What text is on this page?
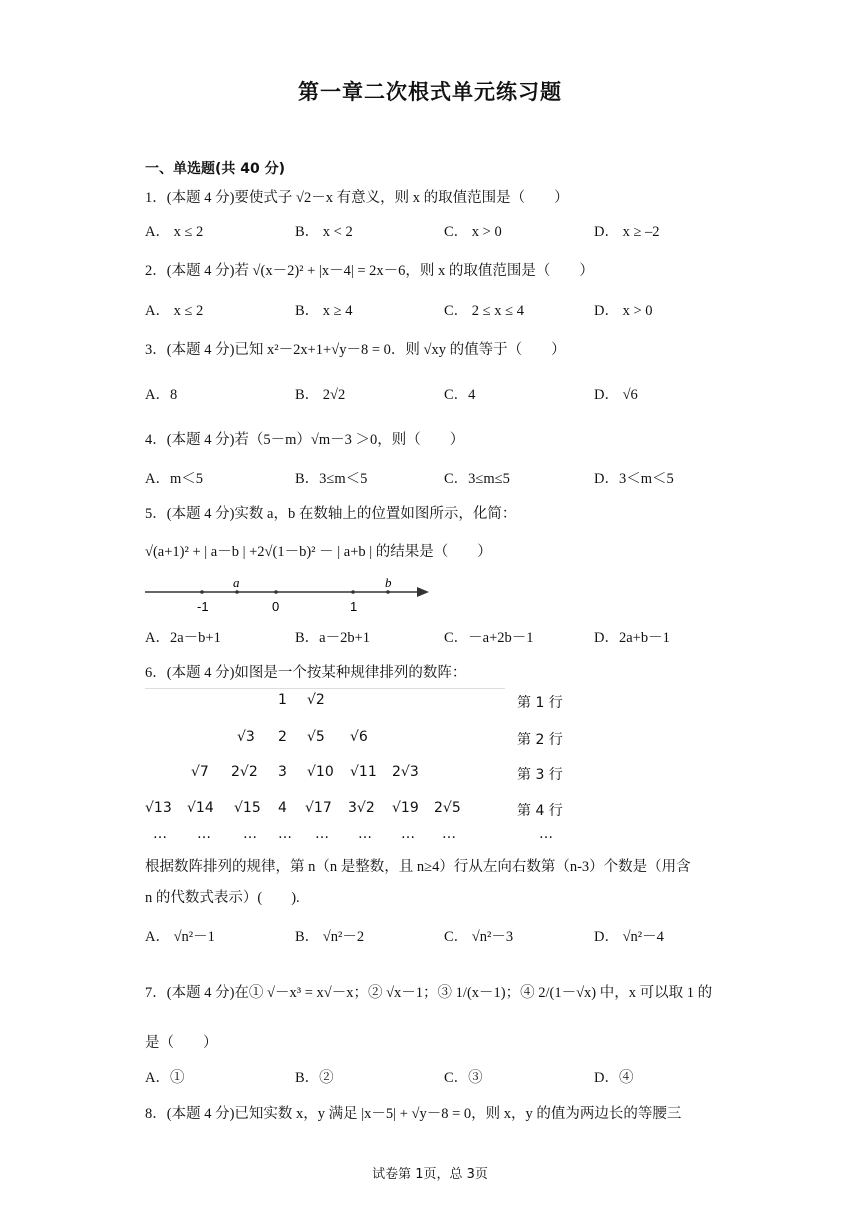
第一章二次根式单元练习题
一、单选题(共 40 分)
1．(本题 4 分)要使式子 √2－x 有意义，则 x 的取值范围是（　　）
A． x ≤ 2	B． x < 2	C． x > 0	D． x ≥ –2
2．(本题 4 分)若 √(x－2)² + |x－4| = 2x－6，则 x 的取值范围是（　　）
A． x ≤ 2	B． x ≥ 4	C． 2 ≤ x ≤ 4	D． x > 0
3．(本题 4 分)已知 x²－2x+1+√y－8 = 0．则 √xy 的值等于（　　）
A．8	B． 2√2	C．4	D． √6
4．(本题 4 分)若（5－m）√m－3 ＞0，则（　　）
A．m＜5	B．3≤m＜5	C．3≤m≤5	D．3＜m＜5
5．(本题 4 分)实数 a，b 在数轴上的位置如图所示，化简：
√(a+1)² + | a－b | +2√(1－b)² － | a+b | 的结果是（　　）
-1	0	1
a	b
A．2a－b+1	B．a－2b+1	C．－a+2b－1	D．2a+b－1
6．(本题 4 分)如图是一个按某种规律排列的数阵：
1 √2	第 1 行
√3 2 √5 √6	第 2 行
√7 2√2 3 √10 √11 2√3	第 3 行
√13 √14 √15 4 √17 3√2 √19 2√5	第 4 行
… … … … … … … …	…
根据数阵排列的规律，第 n（n 是整数，且 n≥4）行从左向右数第（n-3）个数是（用含
n 的代数式表示）(　　).
A． √n²－1	B． √n²－2	C． √n²－3	D． √n²－4
7．(本题 4 分)在① √－x³ = x√－x；② √x－1；③ 1/(x－1)；④ 2/(1－√x) 中，x 可以取 1 的
是（　　）
A．①	B．②	C．③	D．④
8．(本题 4 分)已知实数 x，y 满足 |x－5| + √y－8 = 0，则 x，y 的值为两边长的等腰三
试卷第 1页，总 3页
